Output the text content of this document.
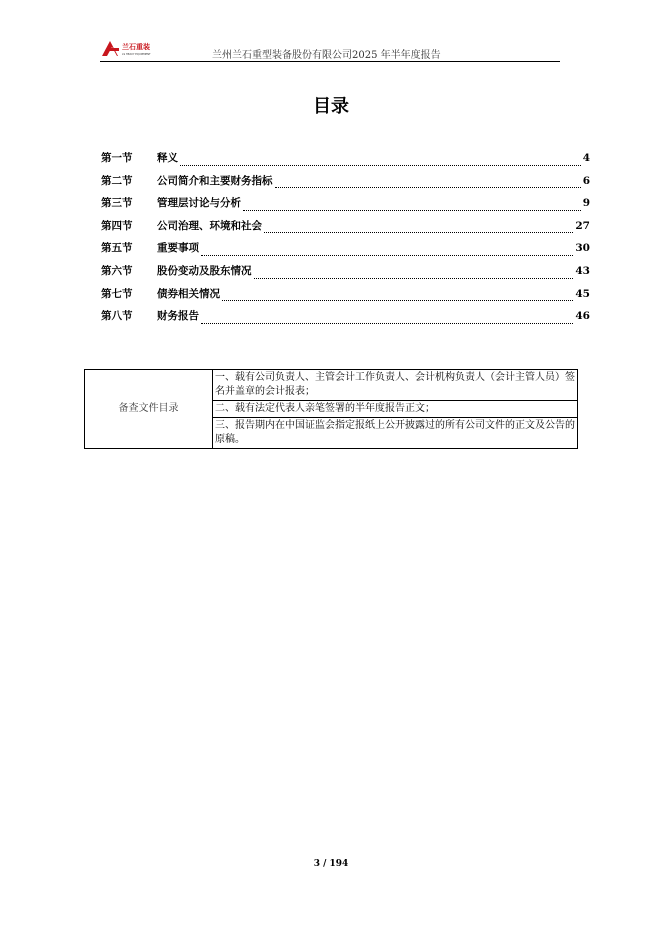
兰石重装
LS HEAVY EQUIPMENT	兰州兰石重型装备股份有限公司2025 年半年度报告
目录
第一节	释义	4
第二节	公司简介和主要财务指标	6
第三节	管理层讨论与分析	9
第四节	公司治理、环境和社会	27
第五节	重要事项	30
第六节	股份变动及股东情况	43
第七节	债券相关情况	45
第八节	财务报告	46
备查文件目录	一、载有公司负责人、主管会计工作负责人、会计机构负责人（会计主管人员）签名并盖章的会计报表；
二、载有法定代表人亲笔签署的半年度报告正文；
三、报告期内在中国证监会指定报纸上公开披露过的所有公司文件的正文及公告的原稿。
3 / 194
